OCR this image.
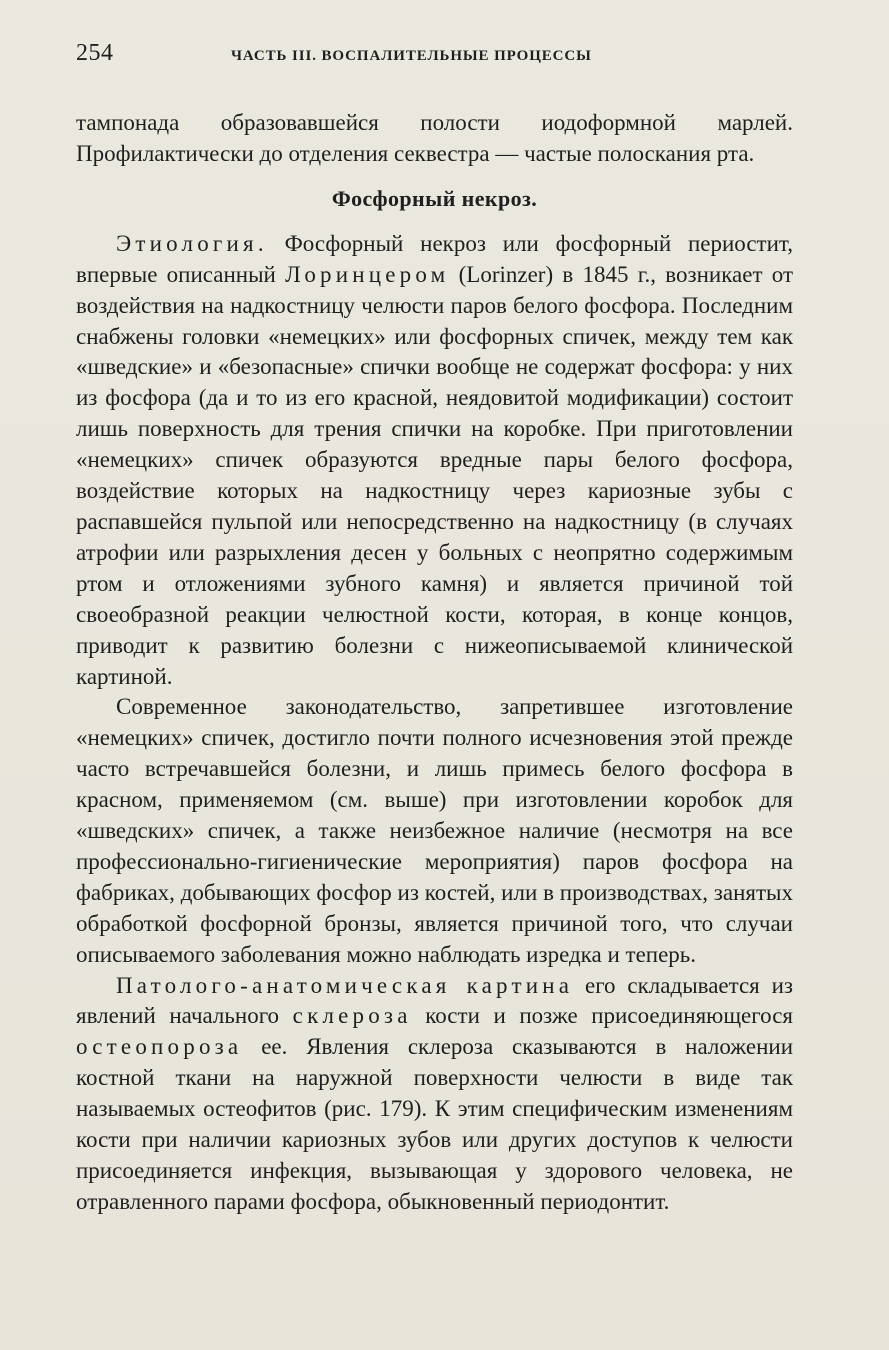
254	ЧАСТЬ III. ВОСПАЛИТЕЛЬНЫЕ ПРОЦЕССЫ

тампонада образовавшейся полости иодоформной марлей. Профилактически до отделения секвестра — частые полоскания рта.

Фосфорный некроз.

Этиология. Фосфорный некроз или фосфорный периостит, впервые описанный Лоринцером (Lorinzer) в 1845 г., возникает от воздействия на надкостницу челюсти паров белого фосфора. Последним снабжены головки «немецких» или фосфорных спичек, между тем как «шведские» и «безопасные» спички вообще не содержат фосфора: у них из фосфора (да и то из его красной, неядовитой модификации) состоит лишь поверхность для трения спички на коробке. При приготовлении «немецких» спичек образуются вредные пары белого фосфора, воздействие которых на надкостницу через кариозные зубы с распавшейся пульпой или непосредственно на надкостницу (в случаях атрофии или разрыхления десен у больных с неопрятно содержимым ртом и отложениями зубного камня) и является причиной той своеобразной реакции челюстной кости, которая, в конце концов, приводит к развитию болезни с нижеописываемой клинической картиной.

Современное законодательство, запретившее изготовление «немецких» спичек, достигло почти полного исчезновения этой прежде часто встречавшейся болезни, и лишь примесь белого фосфора в красном, применяемом (см. выше) при изготовлении коробок для «шведских» спичек, а также неизбежное наличие (несмотря на все профессионально-гигиенические мероприятия) паров фосфора на фабриках, добывающих фосфор из костей, или в производствах, занятых обработкой фосфорной бронзы, является причиной того, что случаи описываемого заболевания можно наблюдать изредка и теперь.

Патолого-анатомическая картина его складывается из явлений начального склероза кости и позже присоединяющегося остеопороза ее. Явления склероза сказываются в наложении костной ткани на наружной поверхности челюсти в виде так называемых остеофитов (рис. 179). К этим специфическим изменениям кости при наличии кариозных зубов или других доступов к челюсти присоединяется инфекция, вызывающая у здорового человека, не отравленного парами фосфора, обыкновенный периодонтит.
